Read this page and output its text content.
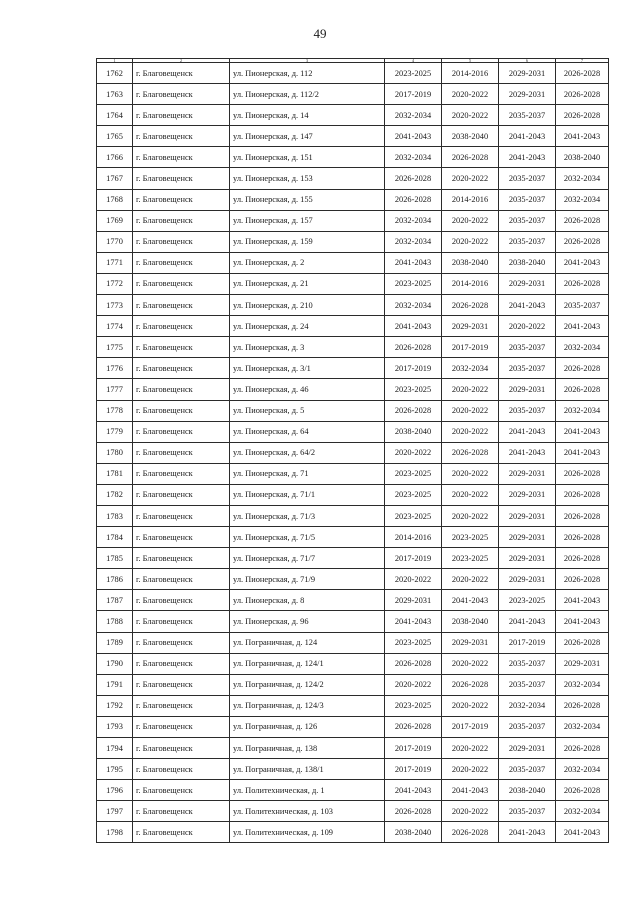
49
1	2	3	4	5	6	7
1762	г. Благовещенск	ул. Пионерская, д. 112	2023-2025	2014-2016	2029-2031	2026-2028
1763	г. Благовещенск	ул. Пионерская, д. 112/2	2017-2019	2020-2022	2029-2031	2026-2028
1764	г. Благовещенск	ул. Пионерская, д. 14	2032-2034	2020-2022	2035-2037	2026-2028
1765	г. Благовещенск	ул. Пионерская, д. 147	2041-2043	2038-2040	2041-2043	2041-2043
1766	г. Благовещенск	ул. Пионерская, д. 151	2032-2034	2026-2028	2041-2043	2038-2040
1767	г. Благовещенск	ул. Пионерская, д. 153	2026-2028	2020-2022	2035-2037	2032-2034
1768	г. Благовещенск	ул. Пионерская, д. 155	2026-2028	2014-2016	2035-2037	2032-2034
1769	г. Благовещенск	ул. Пионерская, д. 157	2032-2034	2020-2022	2035-2037	2026-2028
1770	г. Благовещенск	ул. Пионерская, д. 159	2032-2034	2020-2022	2035-2037	2026-2028
1771	г. Благовещенск	ул. Пионерская, д. 2	2041-2043	2038-2040	2038-2040	2041-2043
1772	г. Благовещенск	ул. Пионерская, д. 21	2023-2025	2014-2016	2029-2031	2026-2028
1773	г. Благовещенск	ул. Пионерская, д. 210	2032-2034	2026-2028	2041-2043	2035-2037
1774	г. Благовещенск	ул. Пионерская, д. 24	2041-2043	2029-2031	2020-2022	2041-2043
1775	г. Благовещенск	ул. Пионерская, д. 3	2026-2028	2017-2019	2035-2037	2032-2034
1776	г. Благовещенск	ул. Пионерская, д. 3/1	2017-2019	2032-2034	2035-2037	2026-2028
1777	г. Благовещенск	ул. Пионерская, д. 46	2023-2025	2020-2022	2029-2031	2026-2028
1778	г. Благовещенск	ул. Пионерская, д. 5	2026-2028	2020-2022	2035-2037	2032-2034
1779	г. Благовещенск	ул. Пионерская, д. 64	2038-2040	2020-2022	2041-2043	2041-2043
1780	г. Благовещенск	ул. Пионерская, д. 64/2	2020-2022	2026-2028	2041-2043	2041-2043
1781	г. Благовещенск	ул. Пионерская, д. 71	2023-2025	2020-2022	2029-2031	2026-2028
1782	г. Благовещенск	ул. Пионерская, д. 71/1	2023-2025	2020-2022	2029-2031	2026-2028
1783	г. Благовещенск	ул. Пионерская, д. 71/3	2023-2025	2020-2022	2029-2031	2026-2028
1784	г. Благовещенск	ул. Пионерская, д. 71/5	2014-2016	2023-2025	2029-2031	2026-2028
1785	г. Благовещенск	ул. Пионерская, д. 71/7	2017-2019	2023-2025	2029-2031	2026-2028
1786	г. Благовещенск	ул. Пионерская, д. 71/9	2020-2022	2020-2022	2029-2031	2026-2028
1787	г. Благовещенск	ул. Пионерская, д. 8	2029-2031	2041-2043	2023-2025	2041-2043
1788	г. Благовещенск	ул. Пионерская, д. 96	2041-2043	2038-2040	2041-2043	2041-2043
1789	г. Благовещенск	ул. Пограничная, д. 124	2023-2025	2029-2031	2017-2019	2026-2028
1790	г. Благовещенск	ул. Пограничная, д. 124/1	2026-2028	2020-2022	2035-2037	2029-2031
1791	г. Благовещенск	ул. Пограничная, д. 124/2	2020-2022	2026-2028	2035-2037	2032-2034
1792	г. Благовещенск	ул. Пограничная, д. 124/3	2023-2025	2020-2022	2032-2034	2026-2028
1793	г. Благовещенск	ул. Пограничная, д. 126	2026-2028	2017-2019	2035-2037	2032-2034
1794	г. Благовещенск	ул. Пограничная, д. 138	2017-2019	2020-2022	2029-2031	2026-2028
1795	г. Благовещенск	ул. Пограничная, д. 138/1	2017-2019	2020-2022	2035-2037	2032-2034
1796	г. Благовещенск	ул. Политехническая, д. 1	2041-2043	2041-2043	2038-2040	2026-2028
1797	г. Благовещенск	ул. Политехническая, д. 103	2026-2028	2020-2022	2035-2037	2032-2034
1798	г. Благовещенск	ул. Политехническая, д. 109	2038-2040	2026-2028	2041-2043	2041-2043
